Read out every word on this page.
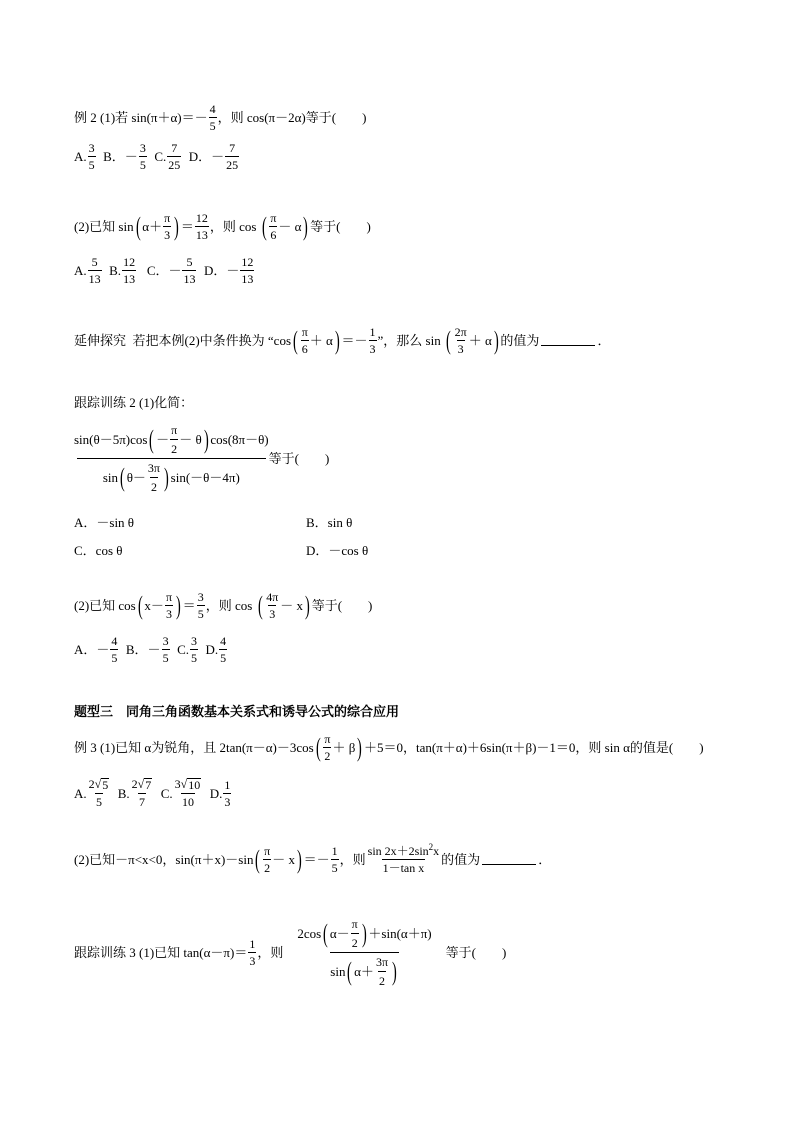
例 2 (1)若 $\sin(\pi+\alpha)=- \frac{4}{5}$ ，则 cos(π－2α)等于(　　)
A. $\frac{3}{5}$ B．－ $\frac{3}{5} C$. $\frac{7}{25}$ D．－ $\frac{7}{25}$
(2)已知 sin ( $\alpha+ \frac{\pi}{3}$ ) ＝ $\frac{12}{13}$ ，则 cos ( $\frac{\pi}{6} - \alpha$ ) 等于(　　)
A. $\frac{5}{13} B$. $\frac{12}{13}$ C．－ $\frac{5}{13}$ D．－ $\frac{12}{13}$
延伸探究  若把本例(2)中条件换为 “cos ( $\frac{\pi}{6} + \alpha$ ) ＝－ $\frac{1}{3}$ ”，那么 sin ( $\frac{2\pi}{3} + \alpha$ ) 的值为	．
跟踪训练 2 (1)化简：
$\frac{\sin(\theta-5\pi)\cos ( - \frac{\pi}{2} - \theta ) \cos(8\pi-\theta)}{\sin ( \theta- \frac{3\pi}{2} ) \sin(-\theta-4\pi)}$ 等于(　　)
A．－sin θ	B．sin θ
C．cos θ	D．－cos θ
(2)已知 cos ( $x- \frac{\pi}{3}$ ) ＝ $\frac{3}{5}$ ，则 cos ( $\frac{4\pi}{3} - x$ ) 等于(　　)
A．－ $\frac{4}{5}$ B．－ $\frac{3}{5} C$. $\frac{3}{5} D$. $\frac{4}{5}$
题型三　同角三角函数基本关系式和诱导公式的综合应用
例 3 (1)已知 α为锐角，且 2tan(π－α)－3cos ( $\frac{\pi}{2} + \beta$ ) ＋5＝0，tan(π＋α)＋6sin(π＋β)－1＝0，则 sin α的值是(　　)
A. $\frac{2 √ 5}{5} B$. $\frac{2 √ 7}{7} C$. $\frac{3 √ 10}{10} D$. $\frac{1}{3}$
(2)已知－π<x<0，sin(π＋x)－sin ( $\frac{\pi}{2} - x$ ) ＝－ $\frac{1}{5}$ ，则 $\frac{\sin 2x+2\sin^2x}{\text{1－tan x}}$ 的值为	．
跟踪训练 3 (1)已知 $\tan(\alpha-\pi)= \frac{1}{3}$ ，则 $\frac{2\cos ( \alpha- \frac{\pi}{2} ) +\sin(\alpha+\pi)}{\sin ( \alpha+ \frac{3\pi}{2} )}$ 等于(　　)
